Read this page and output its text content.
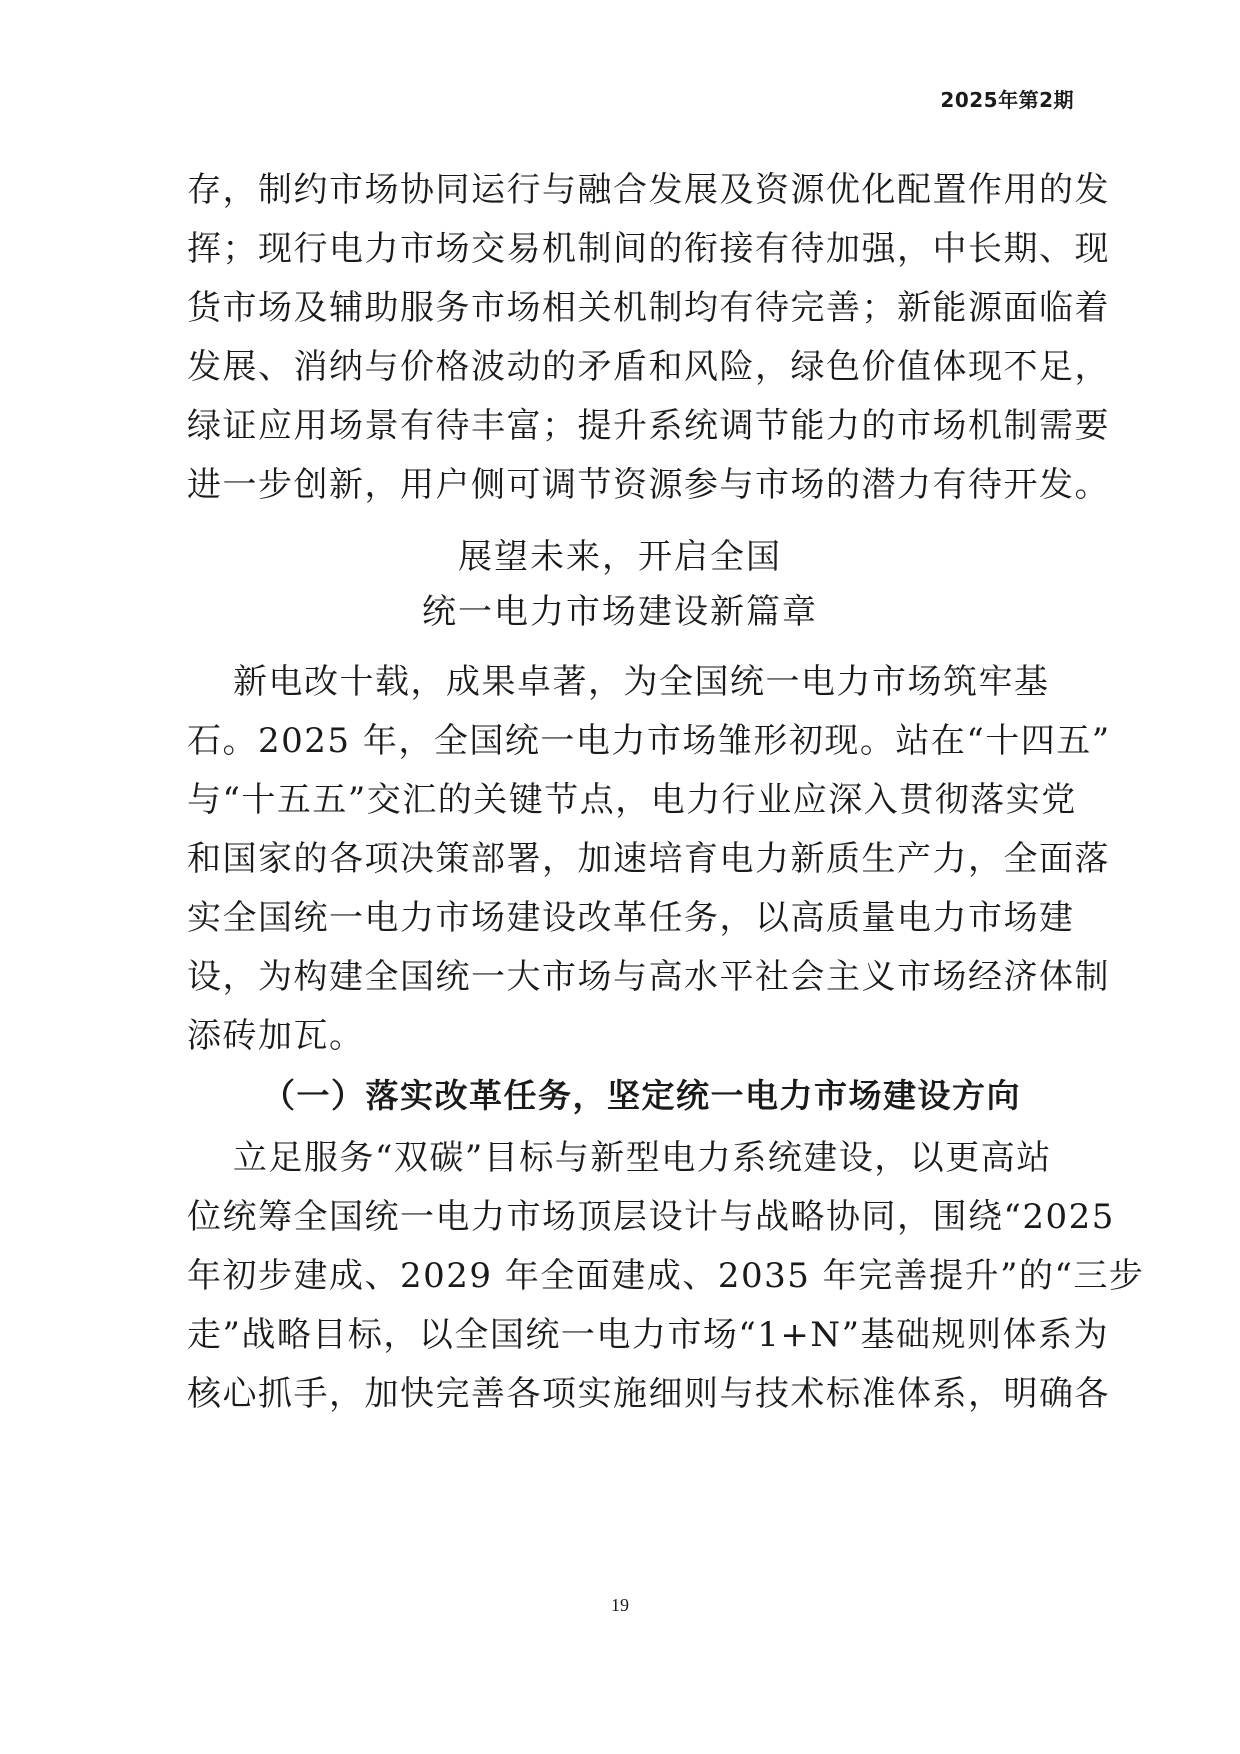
2025年第2期
存，制约市场协同运行与融合发展及资源优化配置作用的发
挥；现行电力市场交易机制间的衔接有待加强，中长期、现
货市场及辅助服务市场相关机制均有待完善；新能源面临着
发展、消纳与价格波动的矛盾和风险，绿色价值体现不足，
绿证应用场景有待丰富；提升系统调节能力的市场机制需要
进一步创新，用户侧可调节资源参与市场的潜力有待开发。
展望未来，开启全国
统一电力市场建设新篇章
新电改十载，成果卓著，为全国统一电力市场筑牢基
石。2025 年，全国统一电力市场雏形初现。站在“十四五”
与“十五五”交汇的关键节点，电力行业应深入贯彻落实党
和国家的各项决策部署，加速培育电力新质生产力，全面落
实全国统一电力市场建设改革任务，以高质量电力市场建
设，为构建全国统一大市场与高水平社会主义市场经济体制
添砖加瓦。
（一）落实改革任务，坚定统一电力市场建设方向
立足服务“双碳”目标与新型电力系统建设，以更高站
位统筹全国统一电力市场顶层设计与战略协同，围绕“2025
年初步建成、2029 年全面建成、2035 年完善提升”的“三步
走”战略目标，以全国统一电力市场“1+N”基础规则体系为
核心抓手，加快完善各项实施细则与技术标准体系，明确各
19
